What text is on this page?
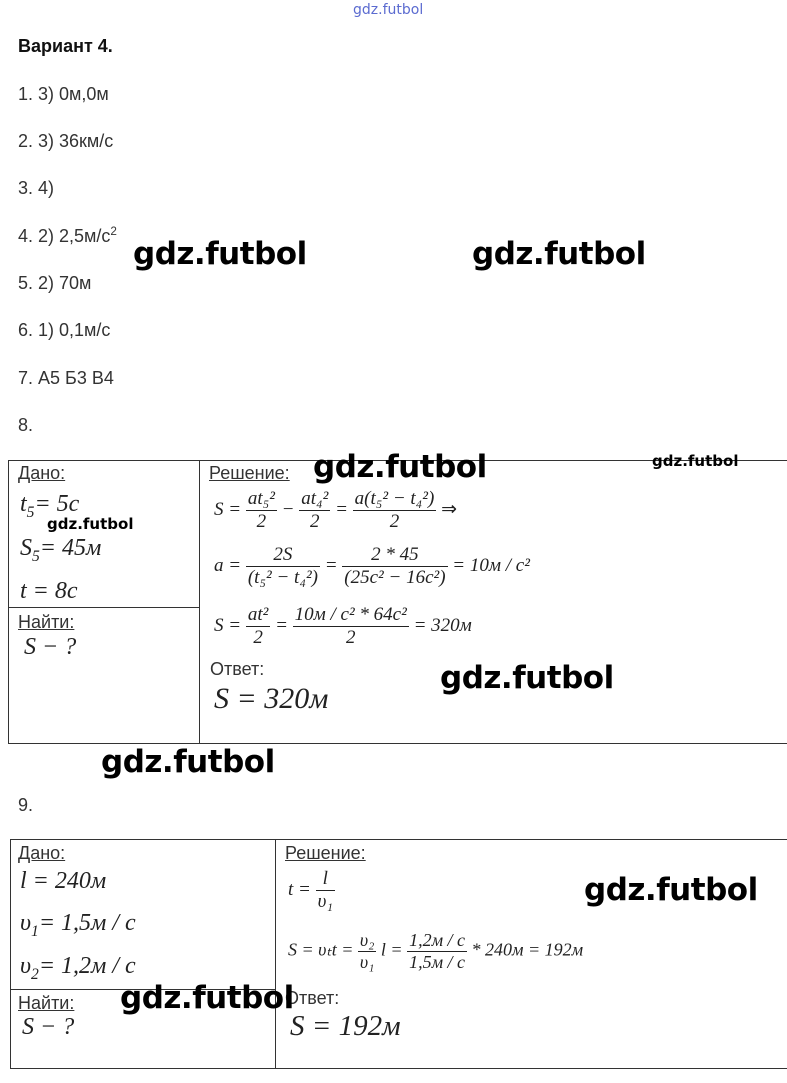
gdz.futbol
Вариант 4.
1. 3) 0м,0м
2. 3) 36км/с
3. 4)
4. 2) $2,5м/с^2$
5. 2) 70м
6. 1) 0,1м/с
7. А5 Б3 В4
8.
gdz.futbol	gdz.futbol
Дано:
$t_5= 5с$
$S_5= 45м$
t = 8с
Найти:
S − ?
Решение:
$S = \frac{\text{at₅²}}{2} - \frac{\text{at₄²}}{2} = \frac{\text{a(t₅² − t₄²)}}{2}$ ⇒
$a = \frac{2S}{\text{(t₅² − t₄²)}} = \frac{2 * 45}{\text{(25с² − 16с²)}} = 10м / с^2$
$S = \frac{\text{at²}}{2} = \frac{\text{10м / с² * 64с²}}{2} = 320м$
Ответ:
S = 320м
gdz.futbol	gdz.futbol
gdz.futbol
gdz.futbol
gdz.futbol
9.
Дано:
l = 240м
$\upsilon_1= 1,5м / с$
$\upsilon_2= 1,2м / с$
Найти:
S − ?
Решение:
$t = \frac{l}{\text{υ₁}}$
$S = \upsilon_tt = \frac{\text{υ₂}}{\text{υ₁}}$ $l = \frac{1,2м / с}{1,5м / с} * 240м = 192м$
Ответ:
S = 192м
gdz.futbol
gdz.futbol
